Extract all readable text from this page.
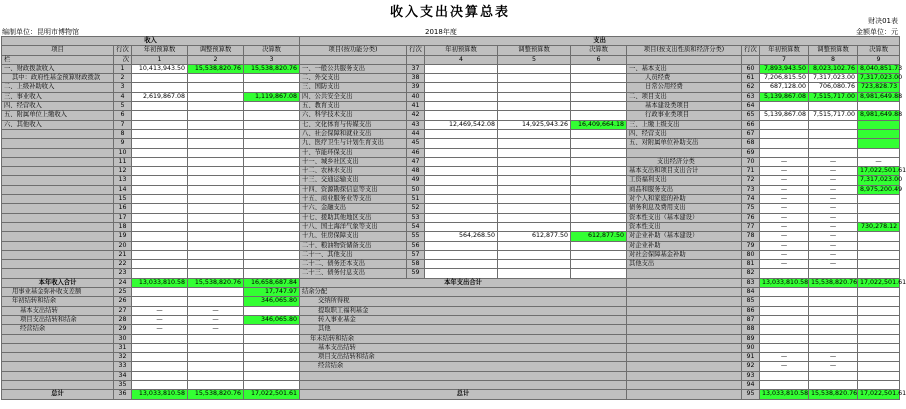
收入支出决算总表
财决01表
编制单位：昆明市博物馆	2018年度	金额单位：元
收入					支出									
项目	行次	年初预算数	调整预算数	决算数	项目(按功能分类)	行次	年初预算数	调整预算数	决算数	项目(按支出性质和经济分类)	行次	年初预算数	调整预算数	决算数
栏	次	1	2	3			4	5	6			7	8	9
一、财政拨款收入	1	10,413,943.50	15,538,820.76	15,538,820.76	一、一般公共服务支出	37				一、基本支出	60	7,893,943.50	8,023,102.76	8,040,851.73
其中：政府性基金预算财政拨款	2				二、外交支出	38				人员经费	61	7,206,815.50	7,317,023.00	7,317,023.00
二、上级补助收入	3				三、国防支出	39				日常公用经费	62	687,128.00	706,080.76	723,828.73
三、事业收入	4	2,619,867.08		1,119,867.08	四、公共安全支出	40				二、项目支出	63	5,139,867.08	7,515,717.00	8,981,649.88
四、经营收入	5				五、教育支出	41				基本建设类项目	64			
五、附属单位上缴收入	6				六、科学技术支出	42				行政事业类项目	65	5,139,867.08	7,515,717.00	8,981,649.88
六、其他收入	7				七、文化体育与传媒支出	43	12,469,542.08	14,925,943.26	16,409,664.18	三、上缴上级支出	66			
	8				八、社会保障和就业支出	44				四、经营支出	67			
	9				九、医疗卫生与计划生育支出	45				五、对附属单位补助支出	68			
	10				十、节能环保支出	46					69			
	11				十一、城乡社区支出	47				支出经济分类	70	—	—	—
	12				十二、农林水支出	48				基本支出和项目支出合计	71	—	—	17,022,501.61
	13				十三、交通运输支出	49				工资福利支出	72	—	—	7,317,023.00
	14				十四、资源勘探信息等支出	50				商品和服务支出	73	—	—	8,975,200.49
	15				十五、商业服务业等支出	51				对个人和家庭的补助	74	—	—	
	16				十六、金融支出	52				债务利息及费用支出	75	—	—	
	17				十七、援助其他地区支出	53				资本性支出（基本建设）	76	—	—	
	18				十八、国土海洋气象等支出	54				资本性支出	77	—	—	730,278.12
	19				十九、住房保障支出	55	564,268.50	612,877.50	612,877.50	对企业补助（基本建设）	78	—	—	
	20				二十、粮油物资储备支出	56				对企业补助	79	—	—	
	21				二十一、其他支出	57				对社会保障基金补助	80	—	—	
	22				二十二、债务还本支出	58				其他支出	81	—	—	
	23				二十三、债务付息支出	59					82			
本年收入合计	24	13,033,810.58	15,538,820.76	16,658,687.84	本年支出合计						83	13,033,810.58	15,538,820.76	17,022,501.61
用事业基金弥补收支差额	25			17,747.97	结余分配						84			
年初结转和结余	26			346,065.80	交纳所得税						85			
基本支出结转	27	—	—		提取职工福利基金						86			
项目支出结转和结余	28	—	—	346,065.80	转入事业基金						87			
经营结余	29	—	—		其他						88			
	30				年末结转和结余						89			
	31				基本支出结转						90			
	32				项目支出结转和结余						91	—	—	
	33				经营结余						92	—	—	
	34										93			
	35										94			
总计	36	13,033,810.58	15,538,820.76	17,022,501.61	总计						95	13,033,810.58	15,538,820.76	17,022,501.61
